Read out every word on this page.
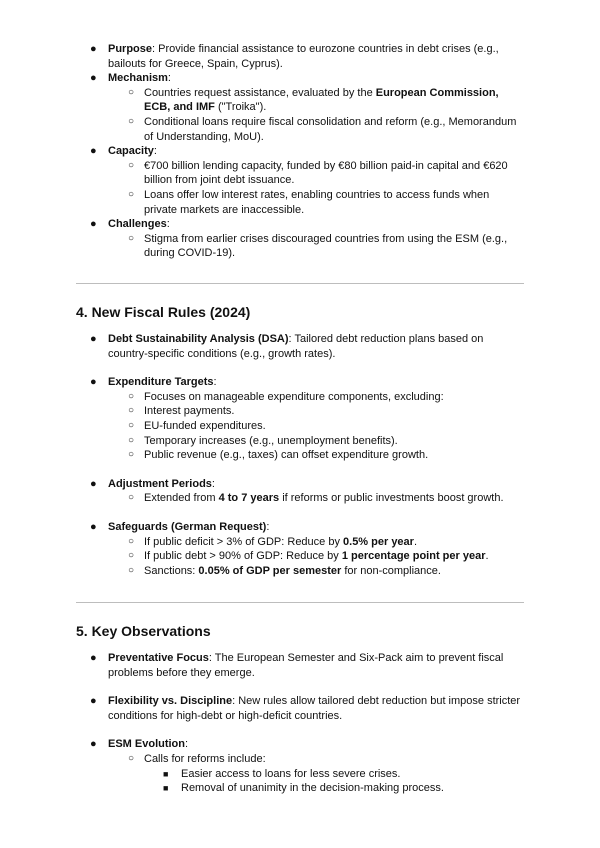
● Purpose: Provide financial assistance to eurozone countries in debt crises (e.g., bailouts for Greece, Spain, Cyprus).
● Mechanism:
○ Countries request assistance, evaluated by the European Commission, ECB, and IMF ("Troika").
○ Conditional loans require fiscal consolidation and reform (e.g., Memorandum of Understanding, MoU).
● Capacity:
○ €700 billion lending capacity, funded by €80 billion paid-in capital and €620 billion from joint debt issuance.
○ Loans offer low interest rates, enabling countries to access funds when private markets are inaccessible.
● Challenges:
○ Stigma from earlier crises discouraged countries from using the ESM (e.g., during COVID-19).
4. New Fiscal Rules (2024)
● Debt Sustainability Analysis (DSA): Tailored debt reduction plans based on country-specific conditions (e.g., growth rates).
● Expenditure Targets:
○ Focuses on manageable expenditure components, excluding:
○ Interest payments.
○ EU-funded expenditures.
○ Temporary increases (e.g., unemployment benefits).
○ Public revenue (e.g., taxes) can offset expenditure growth.
● Adjustment Periods:
○ Extended from 4 to 7 years if reforms or public investments boost growth.
● Safeguards (German Request):
○ If public deficit > 3% of GDP: Reduce by 0.5% per year.
○ If public debt > 90% of GDP: Reduce by 1 percentage point per year.
○ Sanctions: 0.05% of GDP per semester for non-compliance.
5. Key Observations
● Preventative Focus: The European Semester and Six-Pack aim to prevent fiscal problems before they emerge.
● Flexibility vs. Discipline: New rules allow tailored debt reduction but impose stricter conditions for high-debt or high-deficit countries.
● ESM Evolution:
○ Calls for reforms include:
■ Easier access to loans for less severe crises.
■ Removal of unanimity in the decision-making process.
